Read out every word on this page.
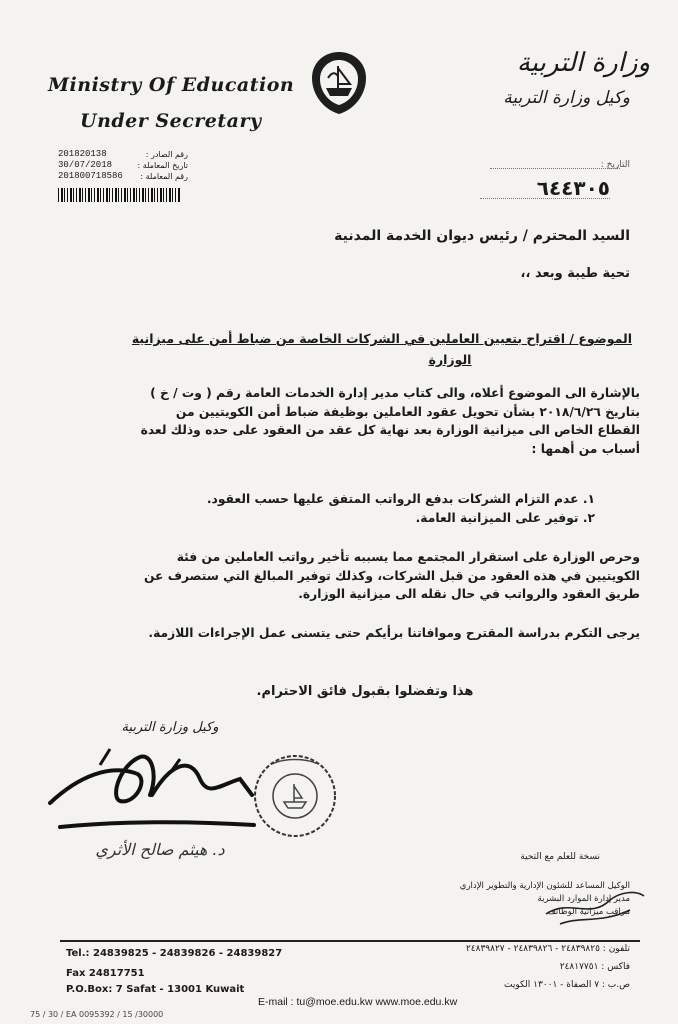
Ministry Of Education
Under Secretary
وزارة التربية
وكيل وزارة التربية
201820138
30/07/2018
201800718586
رقم الصادر :
تاريخ المعاملة :
رقم المعاملة :
التاريخ :
٦٤٤٣٠٥
السيد المحترم / رئيس ديوان الخدمة المدنية
تحية طيبة وبعد ،،
الموضوع / اقتراح بتعيين العاملين في الشركات الخاصة من ضباط أمن على ميزانية
الوزارة
بالإشارة الى الموضوع أعلاه، والى كتاب مدير إدارة الخدمات العامة رقم ( وت / خ )
بتاريخ ٢٠١٨/٦/٢٦ بشأن تحويل عقود العاملين بوظيفة ضباط أمن الكويتيين من
القطاع الخاص الى ميزانية الوزارة بعد نهاية كل عقد من العقود على حده وذلك لعدة
أسباب من أهمها :
١. عدم التزام الشركات بدفع الرواتب المتفق عليها حسب العقود.
٢. توفير على الميزانية العامة.
وحرص الوزارة على استقرار المجتمع مما يسببه تأخير رواتب العاملين من فئة
الكويتيين في هذه العقود من قبل الشركات، وكذلك توفير المبالغ التي ستصرف عن
طريق العقود والرواتب في حال نقله الى ميزانية الوزارة.
يرجى التكرم بدراسة المقترح وموافاتنا برأيكم حتى يتسنى عمل الإجراءات اللازمة.
هذا وتفضلوا بقبول فائق الاحترام.
وكيل وزارة التربية
د. هيثم صالح الأثري	نسخة للعلم مع التحية
الوكيل المساعد للشئون الإدارية والتطوير الإداري
مدير إدارة الموارد البشرية
مراقب ميزانية الوظائف
Tel.: 24839825 - 24839826 - 24839827
Fax 24817751
P.O.Box: 7 Safat - 13001 Kuwait
تلفون : ٢٤٨٣٩٨٢٥ - ٢٤٨٣٩٨٢٦ - ٢٤٨٣٩٨٢٧
فاكس : ٢٤٨١٧٧٥١
ص.ب : ٧ الصفاة - ١٣٠٠١ الكويت
E-mail : tu@moe.edu.kw www.moe.edu.kw
75 / 30 / EA 0095392 / 15 /30000
